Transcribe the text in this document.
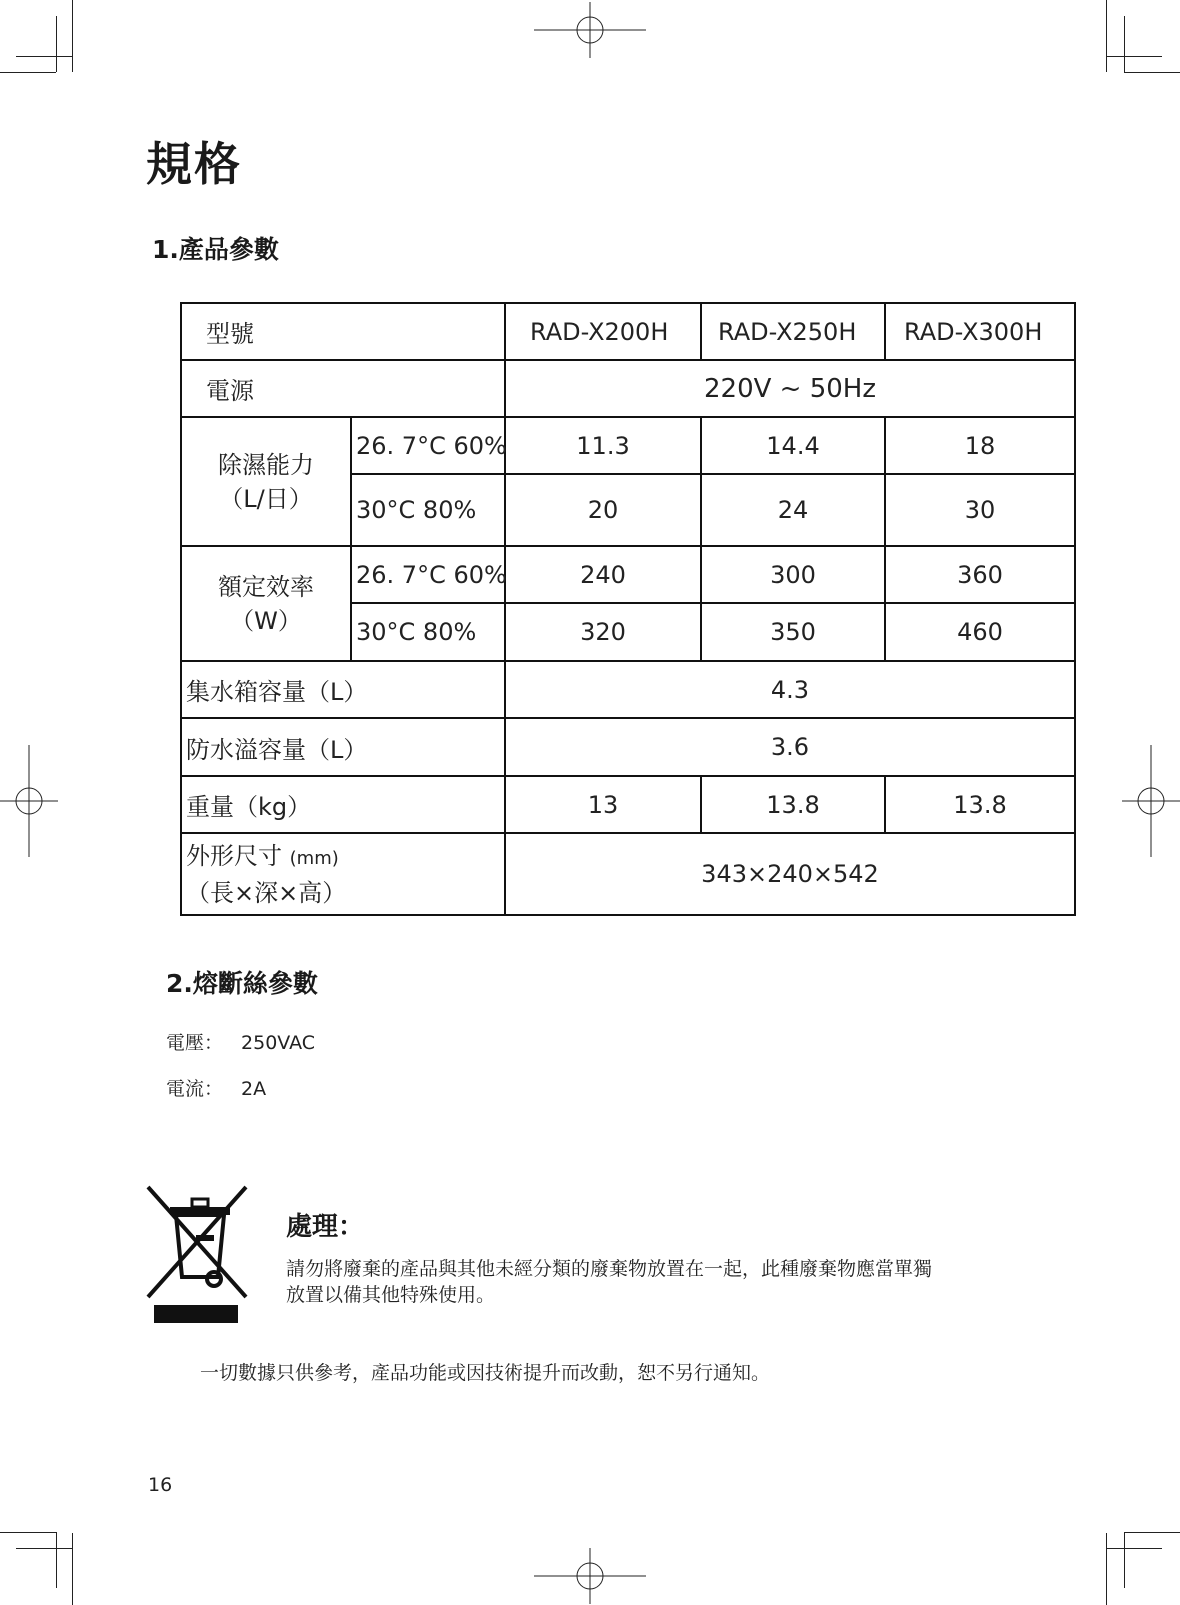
規格
1.產品參數
型號		RAD-X200H	RAD-X250H	RAD-X300H
電源		220V ~ 50Hz		

除濕能力
（L/日）	26. 7°C 60%	11.3	14.4	18
	30°C 80%	20	24	30

額定效率
（W）	26. 7°C 60%	240	300	360
	30°C 80%	320	350	460
集水箱容量（L）		4.3		
防水溢容量（L）		3.6		
重量（kg）		13	13.8	13.8

外形尺寸 (mm)
（長×深×高）		343×240×542		
2.熔斷絲參數
電壓： 250VAC
電流： 2A
處理：
請勿將廢棄的產品與其他未經分類的廢棄物放置在一起，此種廢棄物應當單獨放置以備其他特殊使用。
一切數據只供參考，產品功能或因技術提升而改動，恕不另行通知。
16
